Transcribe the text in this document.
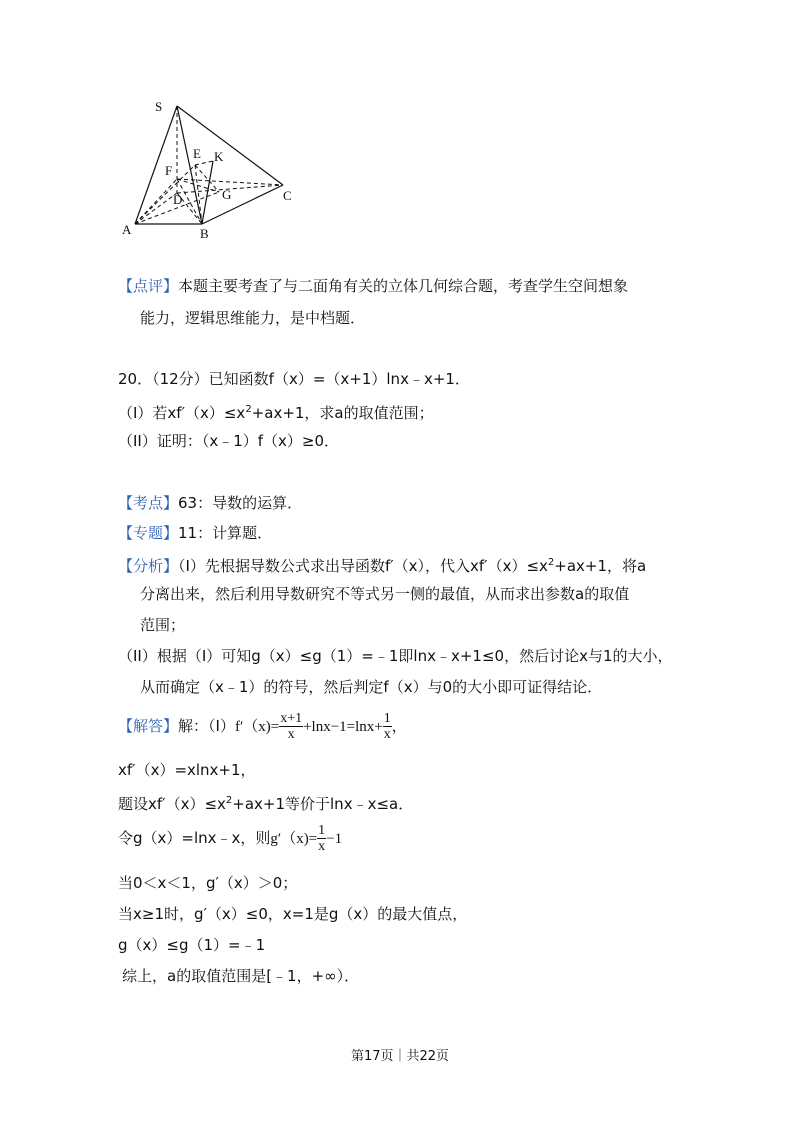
S
E K
F
D	G
A	B
C
【点评】本题主要考查了与二面角有关的立体几何综合题，考查学生空间想象
能力，逻辑思维能力，是中档题．
20．（12分）已知函数f（x）=（x+1）lnx﹣x+1．
（I）若$xf'(x)\le x^2+ax+1$，求a的取值范围；
（II）证明：（x﹣1）f（x）≥0．
【考点】63：导数的运算．
【专题】11：计算题．
【分析】（I）先根据导数公式求出导函数f′（x），代入$xf'(x)\le x^2+ax+1$，将a
分离出来，然后利用导数研究不等式另一侧的最值，从而求出参数a的取值
范围；
（II）根据（I）可知g（x）≤g（1）=﹣1即lnx﹣x+1≤0，然后讨论x与1的大小，
从而确定（x﹣1）的符号，然后判定f（x）与0的大小即可证得结论．
【解答】解：$(I)f'(x)= \frac{x+1}{x} +\ln x-1=\ln x+ \frac{1}{x}$ ，
xf′（x）=xlnx+1，
题设$xf'(x)\le x^2+ax+1$等价于lnx﹣x≤a．
令g（x）=lnx﹣x，则$g'(x)= \frac{1}{x} -1$
当0＜x＜1，g′（x）＞0；
当x≥1时，g′（x）≤0，x=1是g（x）的最大值点，
g（x）≤g（1）=﹣1
综上，a的取值范围是[﹣1，+∞）．
第17页｜共22页
